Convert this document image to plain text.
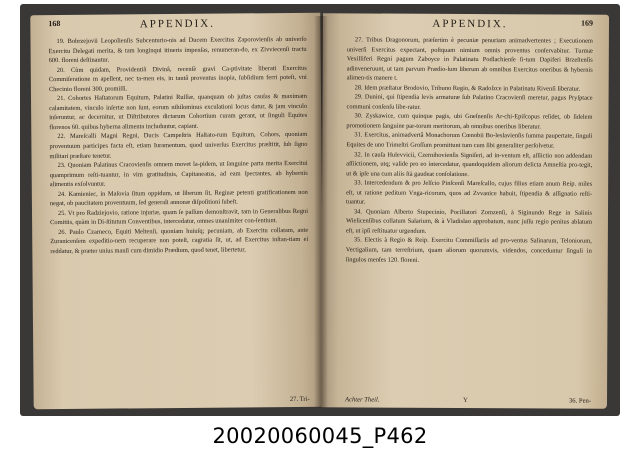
168	APPENDIX.

19. Bobrzejovii Leopolienſis Subcenturio-nis ad Ducem Exercitus Zaporovienſis ab univerſo Exercitu Delegati merita, & tam longinqui itineris impenſas, renumeran-do, ex Zivviecenſi tractu 600. floreni deſtinantur.

20. Cùm quidam, Providentiâ Divinâ, recenſè gravi Ca-ptivitate liberati Exercitus Commiſeratione m apellent, nec ta-men eis, in tantâ proventus inopia, ſubſidium ferri poteſt, vni Checinio floreni 300. promiſſi.

21. Cohortes Haſtatorum Equitum, Palatini Ruſſiæ, quanquam ob juſtas cauſas & maximam calamitatem, vinculo inſertæ non ſunt, eorum nihilominus exculationi locus datur, & jam vinculo inſeruntur, ac decernitur, ut Diſtributores dictarum Cohortium curam gerant, ut ſinguli Equites florenos 60. quibus hyberna alimenta includuntur, capiant.

22. Mareſcalli Magni Regni, Ducis Campeſtris Haſtato-rum Equitum, Cohors, quoniam proventuum participes facta eſt, etiam Iuramentum, quod univerſus Exercitus præſtitit, ſub ſigno militari præſtare tenetur.

23. Quoniam Palatinus Cracovienſis omnem movet la-pidem, ut ſanguine parta merita Exercitui quamprimum reſti-tuantur, in vim gratitudinis, Capitaneatus, ad eam ſpectantes, ab hybernis alimentis exſolvuntur.

24. Kamieniec, in Maſovia ſitum oppidum, ut liberum ſit, Reginæ petenti gratificationem non negat, ob paucitatem proventuum, ſed generali annonæ diſpoſitioni ſubeſt.

25. Vt pro Radziejovio, ratione injuriæ, quam ſe paſſum demonſtravit, tam in Generalibus Regni Comitiis, quàm in Di-ſtitutum Conventibus, intercedatur, omnes unanimiter con-ſentiunt.

26. Paulo Czarneco, Equiti Meltenſi, quoniam huiuſq; pecuniam, ab Exercitu collatam, ante Zuranicenſem expeditio-nem recuperare non poteſt, cagratia ſit, ut, ad Exercitus inſtan-tiam ei reddatur, & præter unius manſi cum dimidio Prædium, quod tenet, libertetur,

27. Tri-
APPENDIX.	169

27. Tribus Dragonorum, præſertim è pecuniæ penuriam animadvertentes ; Executionem univerſi Exercitus expectant, poſtquam nimium omnis proventus conſervabitur. Turmæ Vexilliferi Regni pagum Zaboyce in Palatinatu Podlachienſe ſi-tum Dapiferi Brzeſtenſis adinveneruunt, ut tam parvum Prædio-lum liberum ab omnibus Exercitus oneribus & hybernis alimen-tis manere t.

28. Idem præſtatur Brodovio, Tribuno Regio, & Radoſzce in Palatinatu Rivenſi liberatur.

29. Dunini, qui ſtipendia levis armaturæ ſub Palatino Cracovienſi meretur, pagus Pryſptace communi conſenſu libe-ratur.

30. Zyskawice, cum quinque pagis, ubi Gneſnenſis Ar-chi-Epiſcopus reſidet, ob ſidelem promotionem ſanguine par-torum meritorum, ab omnibus oneribus liberatur.

31. Exercitus, animadvertâ Monachorum Cœnobii Bo-leslavienſis ſumma paupertate, ſinguli Equites de uno Trimeſtri Groſſum promittunt tum cum ſibi generaliter perſolvetur.

32. In cauſa Hulevvicii, Czernihovienſis Signiſeri, ad in-ventum eſt, aſſiictio non addendam aſſiictionem, utq; valide pro eo intercedatur, quandoquidem aliorum delicta Amneſtia pro-tegit, ut & ipſe una cum aliis ſtà gaudeat conſolatione.

33. Intercedendum & pro Jelſcio Pinſcenſi Mareſcallo, cujus filius etiam anum Reip. miles eſt, ut ratione peditum Vnga-ricorum, quos ad Zvvanice habuit, ſtipendia & aſſignatio reſti-tuantur.

34. Quoniam Alberto Stupecinio, Pocillatori Zomzenſi, à Siginundo Rege in Salinis Wielicenſibus collatum Salarium, & à Vladislao approbatum, nunc juſſu regio penitus ablatum eſt, ut ipſi reſtituatur urgendum.

35. Electis à Regio & Reip. Exercitu Commiſſariis ad pro-ventus Salinarum, Teloniorum, Vectigalium, tam terreſtrium, quam aliorum quorumvis, videndos, conceduntur ſinguli in ſingulos menſes 120. floreni.

Achter Theil.	Y	36. Pen-
20020060045_P462
